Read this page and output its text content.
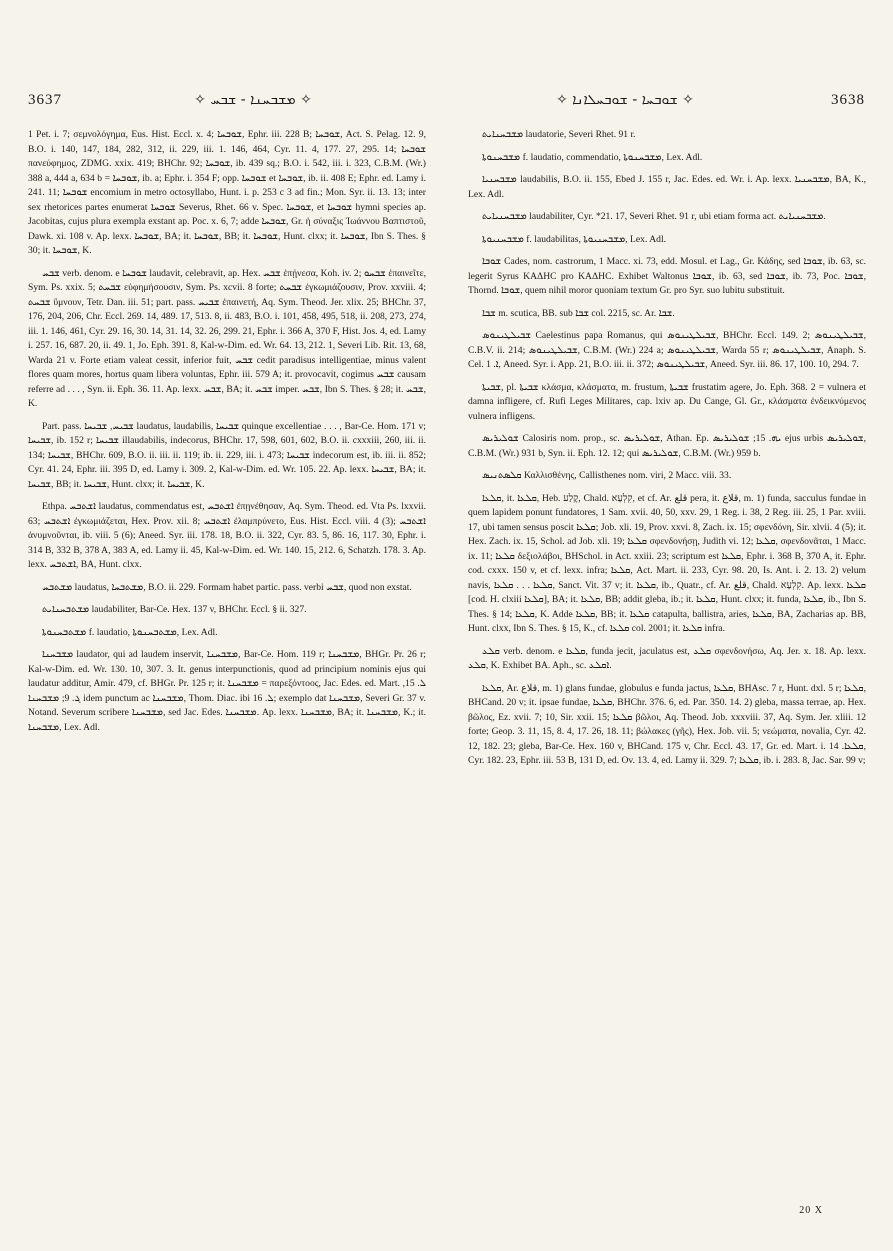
3637	✧ ܡܫܒܚܢܐ - ܫܒܚ ✧	✧ ܫܘܒܚܐ - ܫܘܒܚܠܐܢܐ ✧	3638

1 Pet. i. 7; σεμνολόγημα, Eus. Hist. Eccl. x. 4; ܫܘܒܚܐ, Ephr. iii. 228 B; ܫܘܒܚܐ, Act. S. Pelag. 12. 9, B.O. i. 140, 147, 184, 282, 312, ii. 229, iii. 1. 146, 464, Cyr. 11. 4, 177. 27, 295. 14; ܫܘܒܚܐ πανεύφημος, ZDMG. xxix. 419; BHChr. 92; ܫܘܒܚܐ, ib. 439 sq.; B.O. i. 542, iii. i. 323, C.B.M. (Wr.) 388 a, 444 a, 634 b = ܫܘܒܚܐ, ib. a; Ephr. i. 354 F; opp. ܫܘܒܚܐ et ܫܘܒܚܐ, ib. ii. 408 E; Ephr. ed. Lamy i. 241. 11; ܫܘܒܚܐ encomium in metro octosyllabo, Hunt. i. p. 253 c 3 ad fin.; Mon. Syr. ii. 13. 13; inter sex rhetorices partes enumerat ܫܘܒܚܐ Severus, Rhet. 66 v. Spec. ܫܘܒܚܐ, et ܫܘܒܚܐ hymni species ap. Jacobitas, cujus plura exempla exstant ap. Poc. x. 6, 7; adde ܫܘܒܚܐ, Gr. ἡ σύναξις Ἰωάννου Βαπτιστοῦ, Dawk. xi. 108 v. Ap. lexx. ܫܘܒܚܐ, BA; it. ܫܘܒܚܐ, BB; it. ܫܘܒܚܐ, Hunt. clxx; it. ܫܘܒܚܐ, Ibn S. Thes. § 30; it. ܫܘܒܚܐ, K.

ܫܒܚ verb. denom. e ܫܘܒܚܐ laudavit, celebravit, ap. Hex. ܫܒܚ ἐπῄνεσα, Koh. iv. 2; ܫܒܚܘ ἐπαινεῖτε, Sym. Ps. xxix. 5; ܫܒܚܬ εὐφημήσουσιν, Sym. Ps. xcvii. 8 forte; ܫܒܚܬ ἐγκωμιάζουσιν, Prov. xxviii. 4; ܫܒܚܬ ὕμνουν, Tetr. Dan. iii. 51; part. pass. ܫܒܝܚ ἐπαινετή, Aq. Sym. Theod. Jer. xlix. 25; BHChr. 37, 176, 204, 206, Chr. Eccl. 269. 14, 489. 17, 513. 8, ii. 483, B.O. i. 101, 458, 495, 518, ii. 208, 273, 274, iii. 1. 146, 461, Cyr. 29. 16, 30. 14, 31. 14, 32. 26, 299. 21, Ephr. i. 366 A, 370 F, Hist. Jos. 4, ed. Lamy i. 257. 16, 687. 20, ii. 49. 1, Jo. Eph. 391. 8, Kal-w-Dim. ed. Wr. 64. 13, 212. 1, Severi Lib. Rit. 13, 68, Warda 21 v. Forte etiam valeat cessit, inferior fuit, ܫܒܚ cedit paradisus intelligentiae, minus valent flores quam mores, hortus quam libera voluntas, Ephr. iii. 579 A; it. provocavit, cogimus ܫܒܚ causam referre ad . . . , Syn. ii. Eph. 36. 11. Ap. lexx. ܫܒܚ, BA; it. ܫܒܚ imper. ܫܒܚ, Ibn S. Thes. § 28; it. ܫܒܚ, K.

Part. pass. ܫܒܝܚ, ܫܒܝܚܐ laudatus, laudabilis, ܫܒܝܚܐ quinque excellentiae . . . , Bar-Ce. Hom. 171 v; ܫܒܝܚܐ, ib. 152 r; ܫܒܝܚܐ illaudabilis, indecorus, BHChr. 17, 598, 601, 602, B.O. ii. cxxxiii, 260, iii. ii. 134; ܫܒܝܚܐ, BHChr. 609, B.O. ii. iii. ii. 119; ib. ii. 229, iii. i. 473; ܫܒܝܚܐ indecorum est, ib. iii. ii. 852; Cyr. 41. 24, Ephr. iii. 395 D, ed. Lamy i. 309. 2, Kal-w-Dim. ed. Wr. 105. 22. Ap. lexx. ܫܒܝܚܐ, BA; it. ܫܒܝܚܐ, BB; it. ܫܒܝܚܐ, Hunt. clxx; it. ܫܒܝܚܐ, K.

Ethpa. ܐܫܬܒܚ laudatus, commendatus est, ܐܫܬܒܚ ἐπῃνέθησαν, Aq. Sym. Theod. ed. Vta Ps. lxxvii. 63; ܐܫܬܒܚ ἐγκωμιάζεται, Hex. Prov. xii. 8; ܐܫܬܒܚ ἐλαμπρύνετο, Eus. Hist. Eccl. viii. 4 (3); ܐܫܬܒܚ ἀνυμνοῦνται, ib. viii. 5 (6); Aneed. Syr. iii. 178. 18, B.O. ii. 322, Cyr. 83. 5, 86. 16, 117. 30, Ephr. i. 314 B, 332 B, 378 A, 383 A, ed. Lamy ii. 45, Kal-w-Dim. ed. Wr. 140. 15, 212. 6, Schatzh. 178. 3. Ap. lexx. ܐܫܬܒܚ, BA, Hunt. clxx.

ܡܫܬܒܚ laudatus, ܡܫܬܒܚܐ, B.O. ii. 229. Formam habet partic. pass. verbi ܫܒܚ, quod non exstat.

ܡܫܬܒܚܢܐܝܬ laudabiliter, Bar-Ce. Hex. 137 v, BHChr. Eccl. § ii. 327.

ܡܫܬܒܚܢܘܬܐ f. laudatio, ܡܫܬܒܚܢܘܬܐ, Lex. Adl.

ܡܫܒܚܢܐ laudator, qui ad laudem inservit, ܡܫܒܚܢܐ, Bar-Ce. Hom. 119 r; ܡܫܒܚܢܐ, BHGr. Pr. 26 r; Kal-w-Dim. ed. Wr. 130. 10, 307. 3. It. genus interpunctionis, quod ad principium nominis ejus qui laudatur additur, Amir. 479, cf. BHGr. Pr. 125 r; it. ܡܫܒܚܢܐ = παρεξόντοος, Jac. Edes. ed. Mart. ܠ. 15, ܓ. 9; ܡܫܒܚܢܐ idem punctum ac ܡܫܒܚܢܐ, Thom. Diac. ibi ܠ. 16; exemplo dat ܡܫܒܚܢܐ, Severi Gr. 37 v. Notand. Severum scribere ܡܫܒܚܢܐ, sed Jac. Edes. ܡܫܒܚܢܐ. Ap. lexx. ܡܫܒܚܢܐ, BA; it. ܡܫܒܚܢܐ, K.; it. ܡܫܒܚܢܐ, Lex. Adl.

ܡܫܒܚܢܐܝܬ laudatorie, Severi Rhet. 91 r.

ܡܫܒܚܢܘܬܐ f. laudatio, commendatio, ܡܫܒܚܢܘܬܐ, Lex. Adl.

ܡܫܒܚܢܝܐ laudabilis, B.O. ii. 155, Ebed J. 155 r, Jac. Edes. ed. Wr. i. Ap. lexx. ܡܫܒܚܢܝܐ, BA, K., Lex. Adl.

ܡܫܒܚܢܝܐܝܬ laudabiliter, Cyr. *21. 17, Severi Rhet. 91 r, ubi etiam forma act. ܡܫܒܚܢܝܐܝܬ.

ܡܫܒܚܢܝܘܬܐ f. laudabilitas, ܡܫܒܚܢܝܘܬܐ, Lex. Adl.

ܫܘܒܐ Cades, nom. castrorum, 1 Macc. xi. 73, edd. Mosul. et Lag., Gr. Κάδης, sed ܫܘܒܐ, ib. 63, sc. legerit Syrus ΚΑΔΗC pro ΚΑΔΗC. Exhibet Waltonus ܫܘܒܐ, ib. 63, sed ܫܘܒܐ, ib. 73, Poc. ܫܘܒܐ, Thornd. ܫܘܒܐ, quem nihil moror quoniam textum Gr. pro Syr. suo lubitu substituit.

ܫܒܐ m. scutica, BB. sub ܫܒܐ col. 2215, sc. Ar. ܫܒܐ.

ܫܒܝܠܛܝܢܘܣ Caelestinus papa Romanus, qui ܫܒܝܠܛܝܢܘܣ, BHChr. Eccl. 149. 2; ܫܒܝܠܛܝܢܘܣ, C.B.V. ii. 214; ܫܒܝܠܛܝܢܘܣ, C.B.M. (Wr.) 224 a; ܫܒܝܠܛܝܢܘܣ, Warda 55 r; ܫܒܝܠܛܝܢܘܣ, Anaph. S. Cel. ܐ. 1, Aneed. Syr. i. App. 21, B.O. iii. ii. 372; ܫܒܝܠܛܝܢܘܣ, Aneed. Syr. iii. 86. 17, 100. 10, 294. 7.

ܫܒܝܬܐ, pl. ܫܒܝܬܐ κλάσμα, κλάσματα, m. frustum, ܫܒܝܬܐ frustatim agere, Jo. Eph. 368. 2 = vulnera et damna infligere, cf. Rufi Leges Militares, cap. lxiv ap. Du Cange, Gl. Gr., κλάσματα ἐνδεικνύμενος vulnera infligens.

ܫܘܠܝܪܝܣ Calosiris nom. prop., sc. ܫܘܠܝܪܝܣ, Athan. Ep. ܝܗ. 15; ܫܘܠܝܪܝܣ ejus urbis ܫܘܠܝܪܝܣ, C.B.M. (Wr.) 931 b, Syn. ii. Eph. 12. 12; qui ܫܘܠܝܪܝܣ, C.B.M. (Wr.) 959 b.

ܩܠܣܬܢܝܣ Καλλισθένης, Callisthenes nom. viri, 2 Macc. viii. 33.

ܩܠܥܐ, it. ܩܠܥܐ, Heb. קֶלַע, Chald. קִלְעָא, et cf. Ar. قلع pera, it. قلاع, m. 1) funda, sacculus fundae in quem lapidem ponunt fundatores, 1 Sam. xvii. 40, 50, xxv. 29, 1 Reg. i. 38, 2 Reg. iii. 25, 1 Par. xviii. 17, ubi tamen sensus poscit ܩܠܥܐ; Job. xli. 19, Prov. xxvi. 8, Zach. ix. 15; σφενδόνη, Sir. xlvii. 4 (5); it. Hex. Zach. ix. 15, Schol. ad Job. xli. 19; ܩܠܥܐ σφενδονήσῃ, Judith vi. 12; ܩܠܥܐ, σφενδονᾶται, 1 Macc. ix. 11; ܩܠܥܐ δεξιολάβοι, BHSchol. in Act. xxiii. 23; scriptum est ܩܠܥܐ, Ephr. i. 368 B, 370 A, it. Ephr. cod. cxxx. 150 v, et cf. lexx. infra; ܩܠܥܐ, Act. Mart. ii. 233, Cyr. 98. 20, Is. Ant. i. 2. 13. 2) velum navis, ܩܠܥܐ . . . ܩܠܥܐ, Sanct. Vit. 37 v; it. ܩܠܥܐ, ib., Quatr., cf. Ar. قلع, Chald. קִלְעָא. Ap. lexx. ܩܠܥܐ [cod. H. clxiii ܩܠܥܐ], BA; it. ܩܠܥܐ, BB; addit gleba, ib.; it. ܩܠܥܐ, Hunt. clxx; it. funda, ܩܠܥܐ, ib., Ibn S. Thes. § 14; ܩܠܥܐ, K. Adde ܩܠܥܐ, BB; it. ܩܠܥܐ catapulta, ballistra, aries, ܩܠܥܐ, BA, Zacharias ap. BB, Hunt. clxx, Ibn S. Thes. § 15, K., cf. ܩܠܥܐ col. 2001; it. ܩܠܥܐ infra.

ܩܠܥ verb. denom. e ܩܠܥܐ, funda jecit, jaculatus est, ܩܠܥ σφενδονήσω, Aq. Jer. x. 18. Ap. lexx. ܩܠܥ, K. Exhibet BA. Aph., sc. ܐܩܠܥ.

ܩܠܥܐ, Ar. قلاع, m. 1) glans fundae, globulus e funda jactus, ܩܠܥܐ, BHAsc. 7 r, Hunt. dxl. 5 r; ܩܠܥܐ, BHCand. 20 v; it. ipsae fundae, ܩܠܥܐ, BHChr. 376. 6, ed. Par. 350. 14. 2) gleba, massa terrae, ap. Hex. βῶλος, Ez. xvii. 7; 10, Sir. xxii. 15; ܩܠܥܐ βῶλοι, Aq. Theod. Job. xxxviii. 37, Aq. Sym. Jer. xliii. 12 forte; Geop. 3. 11, 15, 8. 4, 17. 26, 18. 11; βώλακες (γῆς), Hex. Job. vii. 5; νεώματα, novalia, Cyr. 42. 12, 182. 23; gleba, Bar-Ce. Hex. 160 v, BHCand. 175 v, Chr. Eccl. 43. 17, Gr. ed. Mart. i. ܩܠܥܐ. 14, Cyr. 182. 23, Ephr. iii. 53 B, 131 D, ed. Ov. 13. 4, ed. Lamy ii. 329. 7; ܩܠܥܐ, ib. i. 283. 8, Jac. Sar. 99 v;

20 X
